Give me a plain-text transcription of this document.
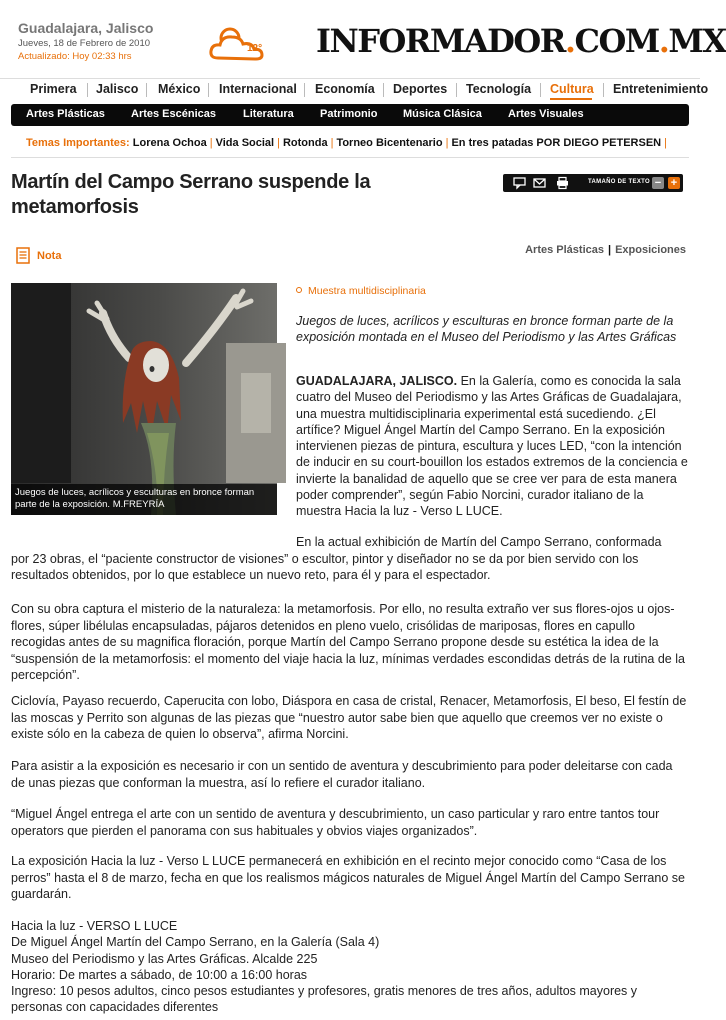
Guadalajara, Jalisco
Jueves, 18 de Febrero de 2010
Actualizado: Hoy 02:33 hrs
12° INFORMADOR.COM.MX
Primera Jalisco México Internacional Economía Deportes Tecnología Cultura Entretenimiento
Artes Plásticas Artes Escénicas Literatura Patrimonio Música Clásica Artes Visuales
Temas Importantes: Lorena Ochoa | Vida Social | Rotonda | Torneo Bicentenario | En tres patadas POR DIEGO PETERSEN |
Martín del Campo Serrano suspende la metamorfosis
TAMAÑO DE TEXTO − +
Nota	Artes Plásticas | Exposiciones
Juegos de luces, acrílicos y esculturas en bronce forman parte de la exposición. M.FREYRÍA
Muestra multidisciplinaria

Juegos de luces, acrílicos y esculturas en bronce forman parte de la exposición montada en el Museo del Periodismo y las Artes Gráficas

GUADALAJARA, JALISCO. En la Galería, como es conocida la sala cuatro del Museo del Periodismo y las Artes Gráficas de Guadalajara, una muestra multidisciplinaria experimental está sucediendo. ¿El artífice? Miguel Ángel Martín del Campo Serrano. En la exposición intervienen piezas de pintura, escultura y luces LED, “con la intención de inducir en su court-bouillon los estados extremos de la conciencia e invierte la banalidad de aquello que se cree ver para de esta manera poder comprender”, según Fabio Norcini, curador italiano de la muestra Hacia la luz - Verso L LUCE.

En la actual exhibición de Martín del Campo Serrano, conformada
por 23 obras, el “paciente constructor de visiones” o escultor, pintor y diseñador no se da por bien servido con los resultados obtenidos, por lo que establece un nuevo reto, para él y para el espectador.

Con su obra captura el misterio de la naturaleza: la metamorfosis. Por ello, no resulta extraño ver sus flores-ojos u ojos-flores, súper libélulas encapsuladas, pájaros detenidos en pleno vuelo, crisólidas de mariposas, flores en capullo recogidas antes de su magnifica floración, porque Martín del Campo Serrano propone desde su estética la idea de la “suspensión de la metamorfosis: el momento del viaje hacia la luz, mínimas verdades escondidas detrás de la rutina de la percepción”.

Ciclovía, Payaso recuerdo, Caperucita con lobo, Diáspora en casa de cristal, Renacer, Metamorfosis, El beso, El festín de las moscas y Perrito son algunas de las piezas que “nuestro autor sabe bien que aquello que creemos ver no existe o existe sólo en la cabeza de quien lo observa”, afirma Norcini.

Para asistir a la exposición es necesario ir con un sentido de aventura y descubrimiento para poder deleitarse con cada de unas piezas que conforman la muestra, así lo refiere el curador italiano.

“Miguel Ángel entrega el arte con un sentido de aventura y descubrimiento, un caso particular y raro entre tantos tour operators que pierden el panorama con sus habituales y obvios viajes organizados”.

La exposición Hacia la luz - Verso L LUCE permanecerá en exhibición en el recinto mejor conocido como “Casa de los perros” hasta el 8 de marzo, fecha en que los realismos mágicos naturales de Miguel Ángel Martín del Campo Serrano se guardarán.

Hacia la luz - VERSO L LUCE
De Miguel Ángel Martín del Campo Serrano, en la Galería (Sala 4)
Museo del Periodismo y las Artes Gráficas. Alcalde 225
Horario: De martes a sábado, de 10:00 a 16:00 horas
Ingreso: 10 pesos adultos, cinco pesos estudiantes y profesores, gratis menores de tres años, adultos mayores y personas con capacidades diferentes
